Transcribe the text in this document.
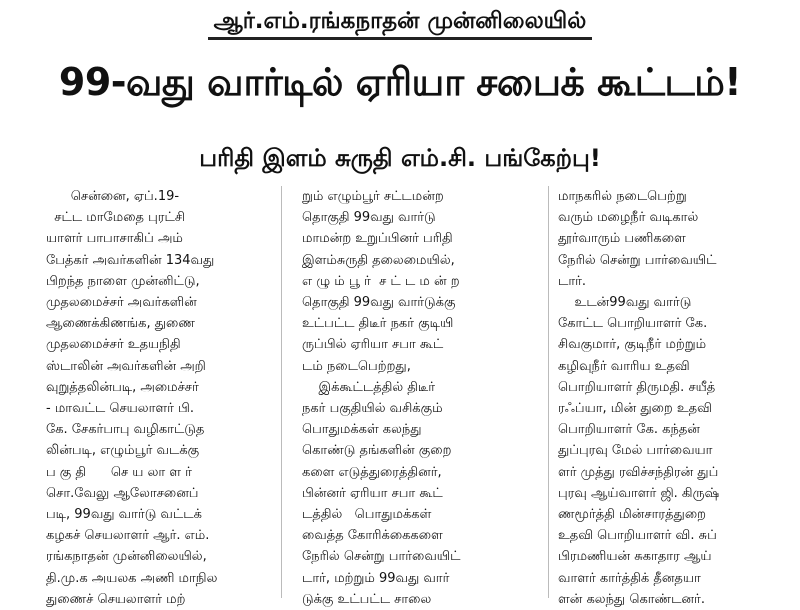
ஆர்.எம்.ரங்கநாதன் முன்னிலையில்
99-வது வார்டில் ஏரியா சபைக் கூட்டம்!
பரிதி இளம் சுருதி எம்.சி. பங்கேற்பு!
சென்னை, ஏப்.19-
சட்ட மாமேதை புரட்சி
யாளர் பாபாசாகிப் அம்
பேத்கர் அவர்களின் 134வது
பிறந்த நாளை முன்னிட்டு,
முதலமைச்சர் அவர்களின்
ஆணைக்கிணங்க, துணை
முதலமைச்சர் உதயநிதி
ஸ்டாலின் அவர்களின் அறி
வுறுத்தலின்படி, அமைச்சர்
- மாவட்ட செயலாளர் பி.
கே. சேகர்பாபு வழிகாட்டுத
லின்படி, எழும்பூர் வடக்கு
ப கு தி      செ ய லா ள ர்
சொ.வேலு ஆலோசனைப்
படி, 99வது வார்டு வட்டக்
கழகச் செயலாளர் ஆர். எம்.
ரங்கநாதன் முன்னிலையில்,
தி.மு.க அயலக அணி மாநில
துணைச் செயலாளர் மற்
றும் எழும்பூர் சட்டமன்ற
தொகுதி 99வது வார்டு
மாமன்ற உறுப்பினர் பரிதி
இளம்சுருதி தலைமையில்,
எ ழு ம் பூ ர்  ச ட் ட ம ன் ற
தொகுதி 99வது வார்டுக்கு
உட்பட்ட திடீர் நகர் குடியி
ருப்பில் ஏரியா சபா கூட்
டம் நடைபெற்றது,
இக்கூட்டத்தில் திடீர்
நகர் பகுதியில் வசிக்கும்
பொதுமக்கள் கலந்து
கொண்டு தங்களின் குறை
களை எடுத்துரைத்தினர்,
பின்னர் ஏரியா சபா கூட்
டத்தில்   பொதுமக்கள்
வைத்த கோரிக்கைகளை
நேரில் சென்று பார்வையிட்
டார், மற்றும் 99வது வார்
டுக்கு உட்பட்ட சாலை
மாநகரில் நடைபெற்று
வரும் மழைநீர் வடிகால்
தூர்வாரும் பணிகளை
நேரில் சென்று பார்வையிட்
டார்.
உடன்99வது வார்டு
கோட்ட பொறியாளர் கே.
சிவகுமார், குடிநீர் மற்றும்
கழிவுநீர் வாரிய உதவி
பொறியாளர் திருமதி. சயீத்
ரஃப்யா, மின் துறை உதவி
பொறியாளர் கே. கந்தன்
துப்புரவு மேல் பார்வையா
ளர் முத்து ரவிச்சந்திரன் துப்
புரவு ஆய்வாளர் ஜி. கிருஷ்
ணமூர்த்தி மின்சாரத்துறை
உதவி பொறியாளர் வி. சுப்
பிரமணியன் சுகாதார ஆய்
வாளர் கார்த்திக் தீனதயா
ளன் கலந்து கொண்டனர்.
